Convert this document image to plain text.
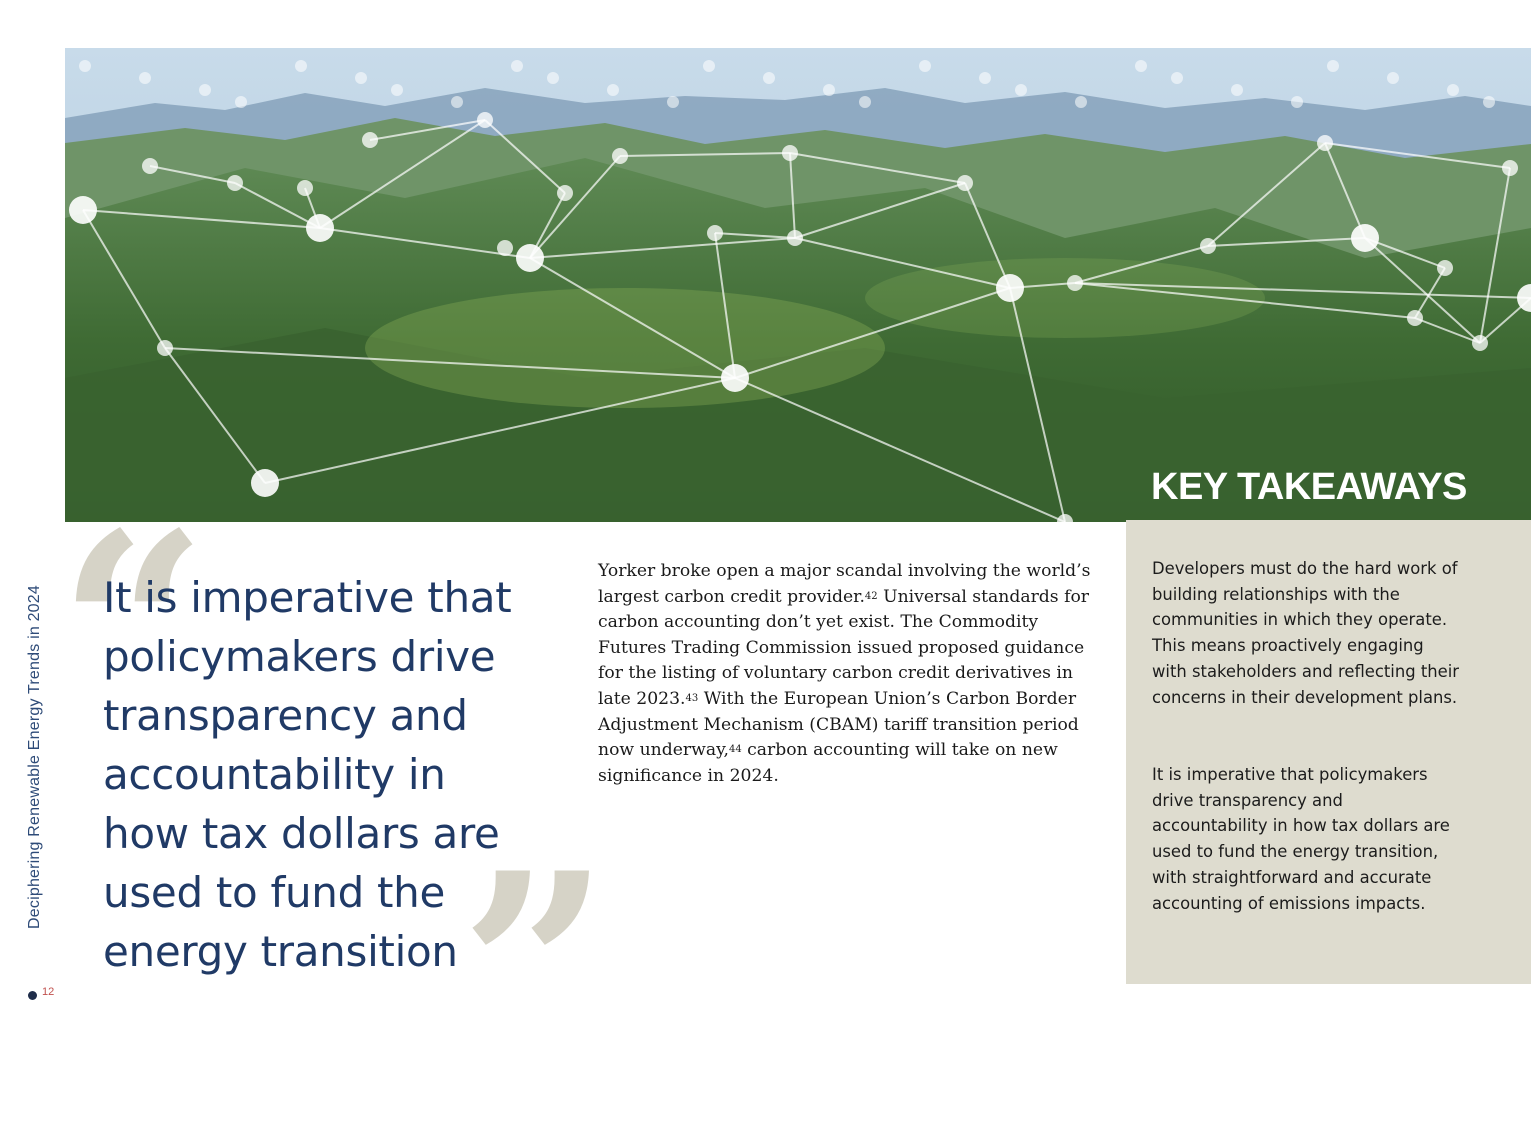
Deciphering Renewable Energy Trends in 2024
12
“
It is imperative that policymakers drive transparency and accountability in how tax dollars are used to fund the energy transition ”
Yorker broke open a major scandal involving the world’s largest carbon credit provider.$^{42}$ Universal standards for carbon accounting don’t yet exist. The Commodity Futures Trading Commission issued proposed guidance for the listing of voluntary carbon credit derivatives in late 2023.43 With the European Union’s Carbon Border Adjustment Mechanism (CBAM) tariff transition period now underway,$^{44}$ carbon accounting will take on new significance in 2024.
KEY TAKEAWAYS
Developers must do the hard work of building relationships with the communities in which they operate. This means proactively engaging with stakeholders and reflecting their concerns in their development plans.
It is imperative that policymakers drive transparency and accountability in how tax dollars are used to fund the energy transition, with straightforward and accurate accounting of emissions impacts.
